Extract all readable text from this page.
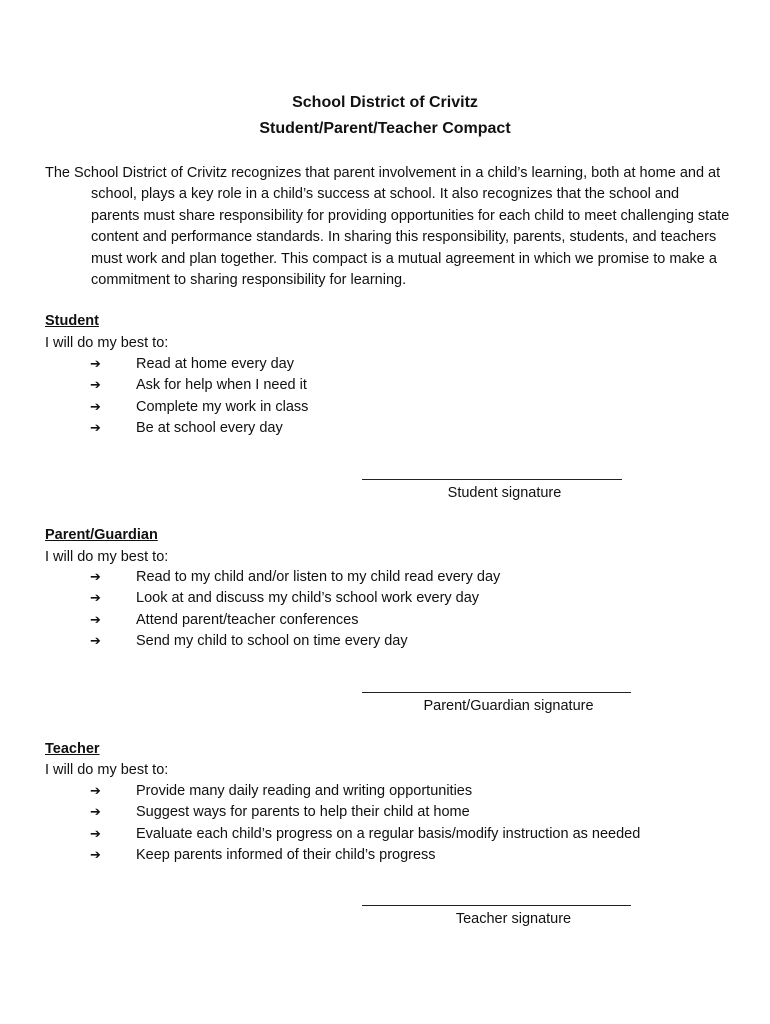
School District of Crivitz
Student/Parent/Teacher Compact

The School District of Crivitz recognizes that parent involvement in a child’s learning, both at home and at school, plays a key role in a child’s success at school. It also recognizes that the school and parents must share responsibility for providing opportunities for each child to meet challenging state content and performance standards. In sharing this responsibility, parents, students, and teachers must work and plan together. This compact is a mutual agreement in which we promise to make a commitment to sharing responsibility for learning.

Student

I will do my best to:

➔ Read at home every day
➔ Ask for help when I need it
➔ Complete my work in class
➔ Be at school every day

Student signature

Parent/Guardian

I will do my best to:

➔ Read to my child and/or listen to my child read every day
➔ Look at and discuss my child’s school work every day
➔ Attend parent/teacher conferences
➔ Send my child to school on time every day

Parent/Guardian signature

Teacher

I will do my best to:

➔ Provide many daily reading and writing opportunities
➔ Suggest ways for parents to help their child at home
➔ Evaluate each child’s progress on a regular basis/modify instruction as needed
➔ Keep parents informed of their child’s progress

Teacher signature
